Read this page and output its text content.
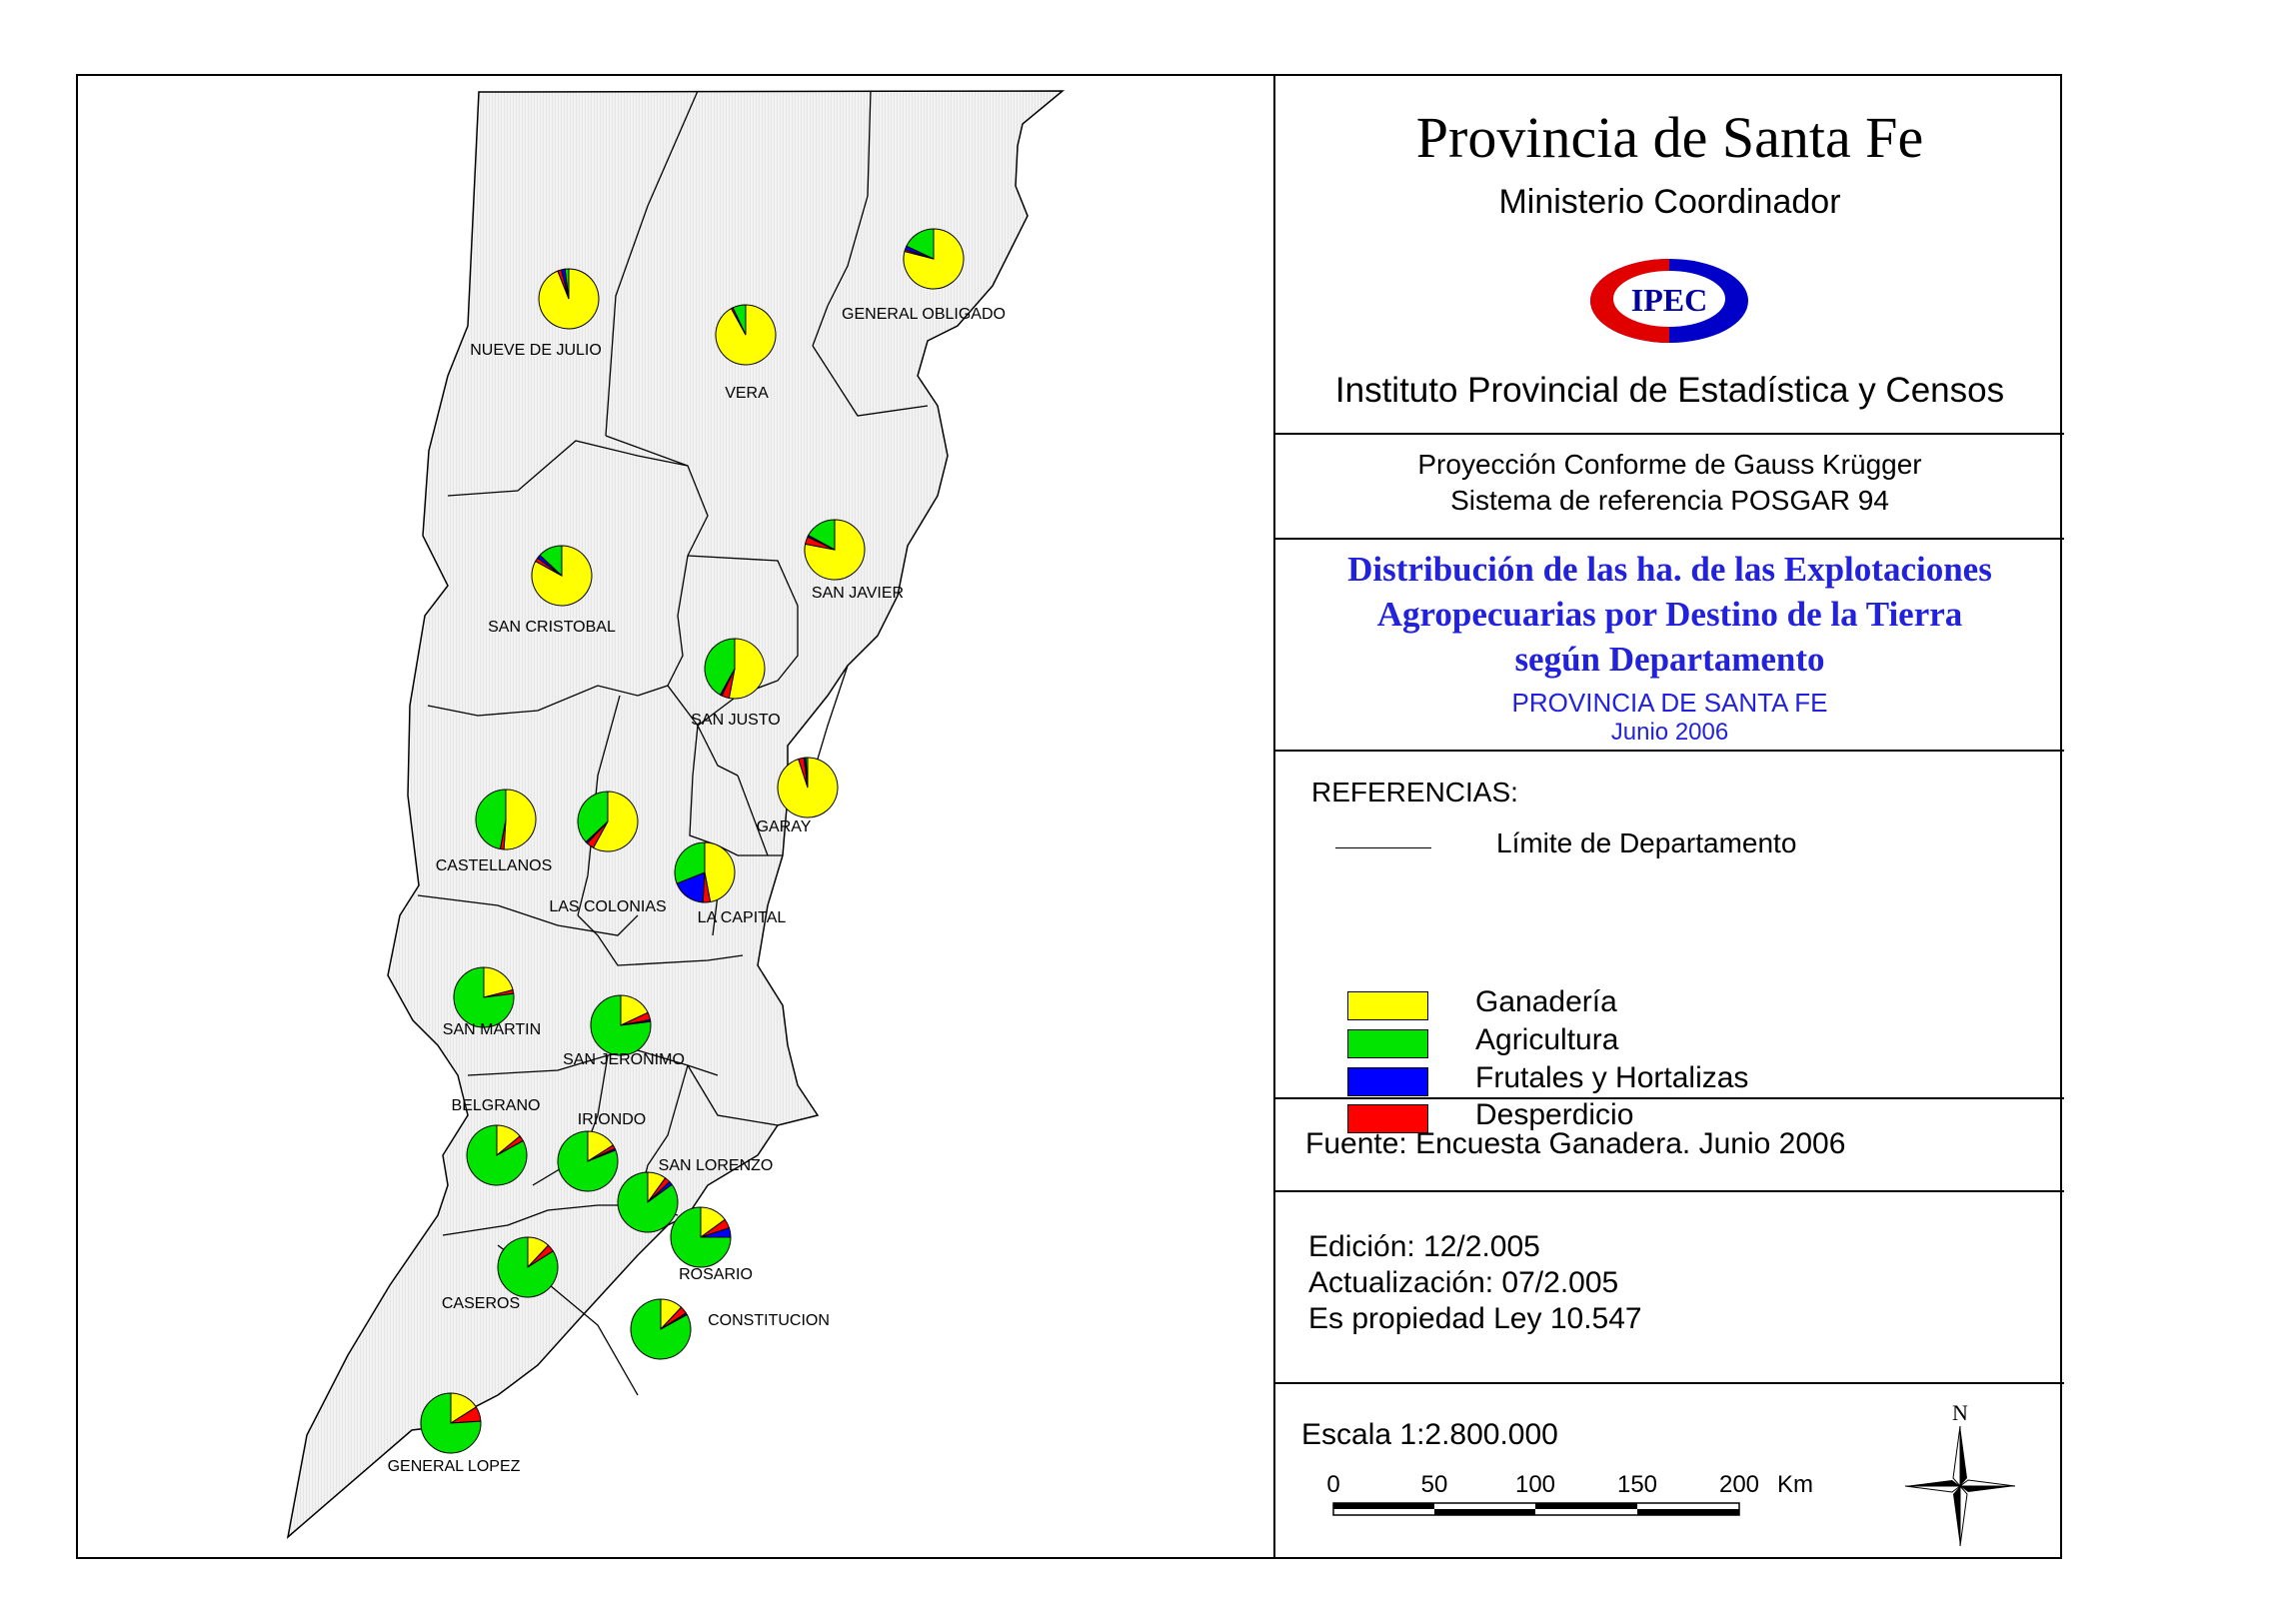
NUEVE DE JULIO
VERA
GENERAL OBLIGADO
SAN CRISTOBAL
SAN JAVIER
SAN JUSTO
GARAY
CASTELLANOS
LAS COLONIAS
LA CAPITAL
SAN MARTIN
SAN JERONIMO
BELGRANO
IRIONDO
SAN LORENZO
ROSARIO
CASEROS
CONSTITUCION
GENERAL LOPEZ
Provincia de Santa Fe
Ministerio Coordinador
IPEC
Instituto Provincial de Estadística y Censos
Proyección Conforme de Gauss Krügger
Sistema de referencia POSGAR 94
Distribución de las ha. de las Explotaciones
Agropecuarias por Destino de la Tierra
según Departamento
PROVINCIA DE SANTA FE
Junio 2006
REFERENCIAS:
Límite de Departamento
Ganadería
Agricultura
Frutales y Hortalizas
Desperdicio
Fuente: Encuesta Ganadera. Junio 2006
Edición: 12/2.005
Actualización: 07/2.005
Es propiedad Ley 10.547
Escala 1:2.800.000
0	50	100	150	200 Km
N
